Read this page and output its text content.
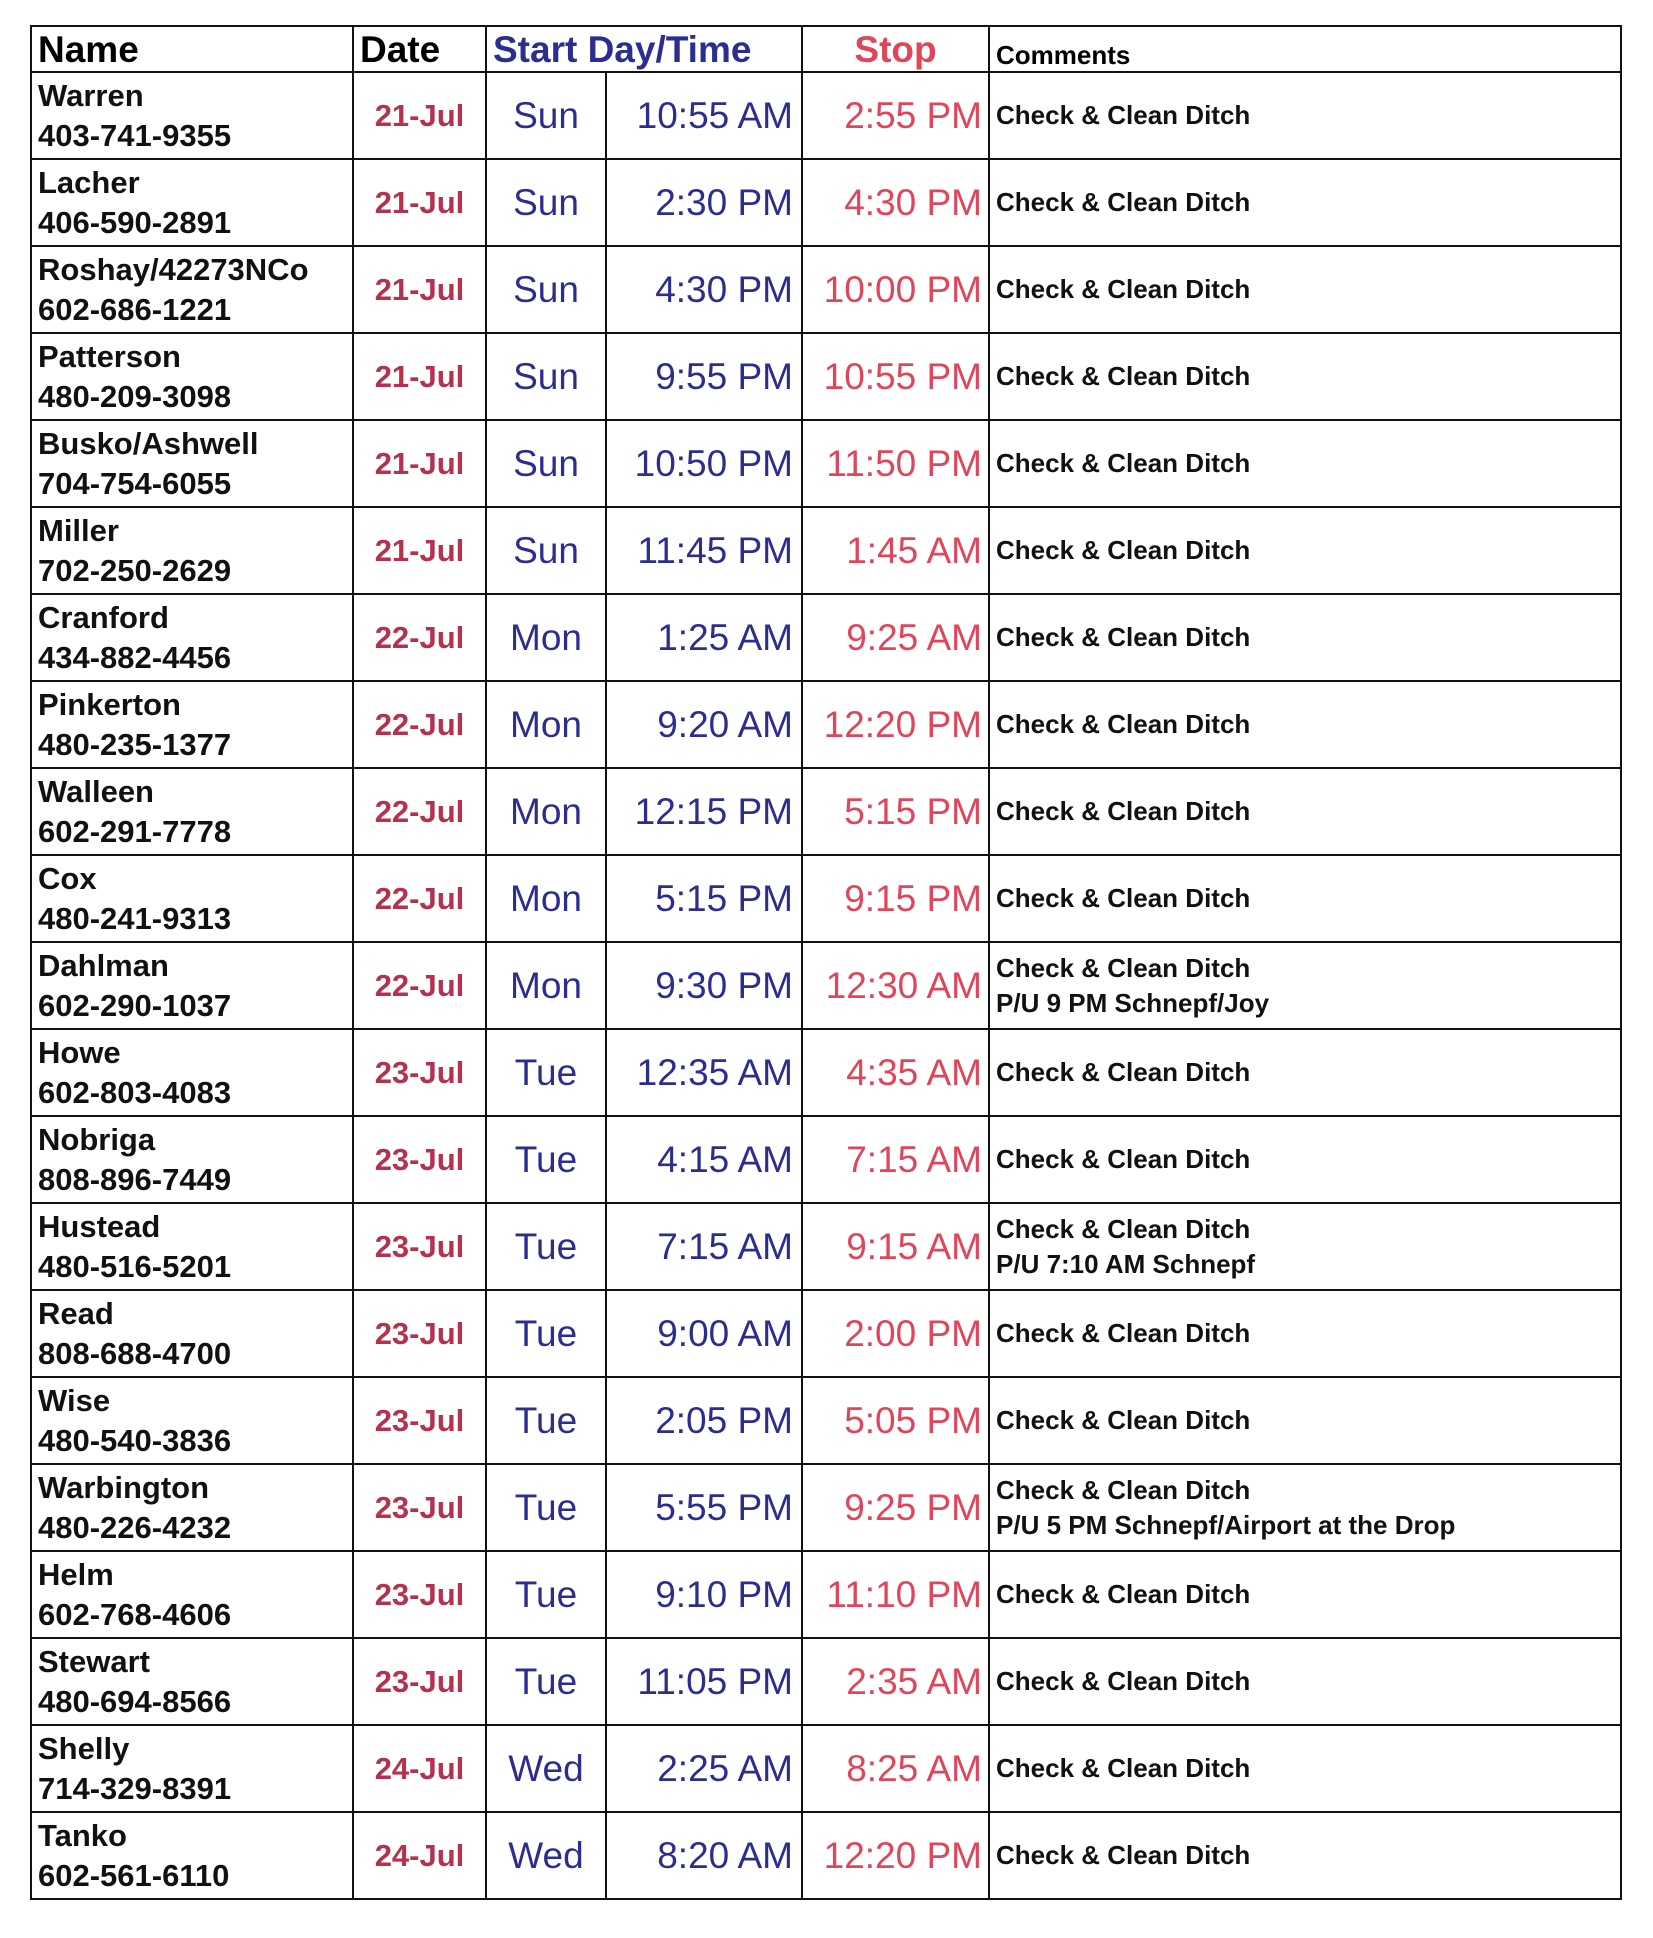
Name	Date	Start Day/Time		Stop	Comments

Warren
403-741-9355	21-Jul	Sun	10:55 AM	2:55 PM	Check & Clean Ditch

Lacher
406-590-2891	21-Jul	Sun	2:30 PM	4:30 PM	Check & Clean Ditch

Roshay/42273NCo
602-686-1221	21-Jul	Sun	4:30 PM	10:00 PM	Check & Clean Ditch

Patterson
480-209-3098	21-Jul	Sun	9:55 PM	10:55 PM	Check & Clean Ditch

Busko/Ashwell
704-754-6055	21-Jul	Sun	10:50 PM	11:50 PM	Check & Clean Ditch

Miller
702-250-2629	21-Jul	Sun	11:45 PM	1:45 AM	Check & Clean Ditch

Cranford
434-882-4456	22-Jul	Mon	1:25 AM	9:25 AM	Check & Clean Ditch

Pinkerton
480-235-1377	22-Jul	Mon	9:20 AM	12:20 PM	Check & Clean Ditch

Walleen
602-291-7778	22-Jul	Mon	12:15 PM	5:15 PM	Check & Clean Ditch

Cox
480-241-9313	22-Jul	Mon	5:15 PM	9:15 PM	Check & Clean Ditch

Dahlman
602-290-1037	22-Jul	Mon	9:30 PM	12:30 AM	Check & Clean Ditch
P/U 9 PM Schnepf/Joy

Howe
602-803-4083	23-Jul	Tue	12:35 AM	4:35 AM	Check & Clean Ditch

Nobriga
808-896-7449	23-Jul	Tue	4:15 AM	7:15 AM	Check & Clean Ditch

Hustead
480-516-5201	23-Jul	Tue	7:15 AM	9:15 AM	Check & Clean Ditch
P/U 7:10 AM Schnepf

Read
808-688-4700	23-Jul	Tue	9:00 AM	2:00 PM	Check & Clean Ditch

Wise
480-540-3836	23-Jul	Tue	2:05 PM	5:05 PM	Check & Clean Ditch

Warbington
480-226-4232	23-Jul	Tue	5:55 PM	9:25 PM	Check & Clean Ditch
P/U 5 PM Schnepf/Airport at the Drop

Helm
602-768-4606	23-Jul	Tue	9:10 PM	11:10 PM	Check & Clean Ditch

Stewart
480-694-8566	23-Jul	Tue	11:05 PM	2:35 AM	Check & Clean Ditch

Shelly
714-329-8391	24-Jul	Wed	2:25 AM	8:25 AM	Check & Clean Ditch

Tanko
602-561-6110	24-Jul	Wed	8:20 AM	12:20 PM	Check & Clean Ditch
